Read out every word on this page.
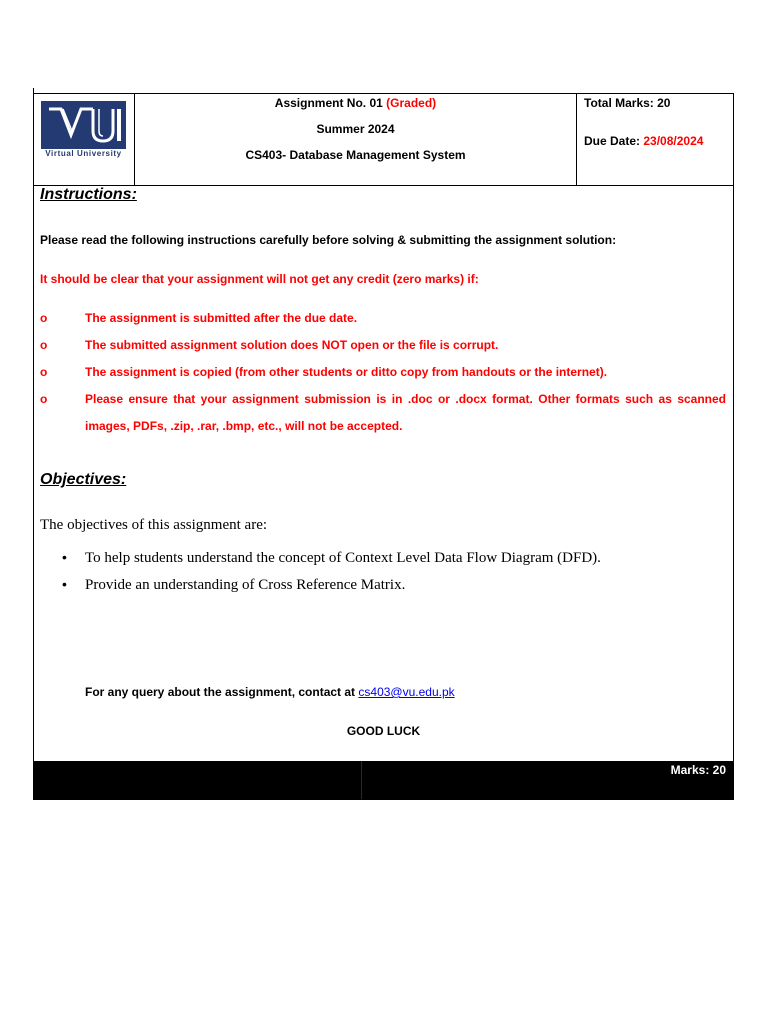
Virtual University
Assignment No. 01 (Graded)
Summer 2024
CS403- Database Management System
Total Marks: 20
Due Date: 23/08/2024
Instructions:
Please read the following instructions carefully before solving & submitting the assignment solution:
It should be clear that your assignment will not get any credit (zero marks) if:
o	The assignment is submitted after the due date.
o	The submitted assignment solution does NOT open or the file is corrupt.
o	The assignment is copied (from other students or ditto copy from handouts or the internet).
o	Please ensure that your assignment submission is in .doc or .docx format. Other formats such as scanned images, PDFs, .zip, .rar, .bmp, etc., will not be accepted.
Objectives:
The objectives of this assignment are:
• To help students understand the concept of Context Level Data Flow Diagram (DFD).
• Provide an understanding of Cross Reference Matrix.
For any query about the assignment, contact at cs403@vu.edu.pk
GOOD LUCK
Marks: 20
